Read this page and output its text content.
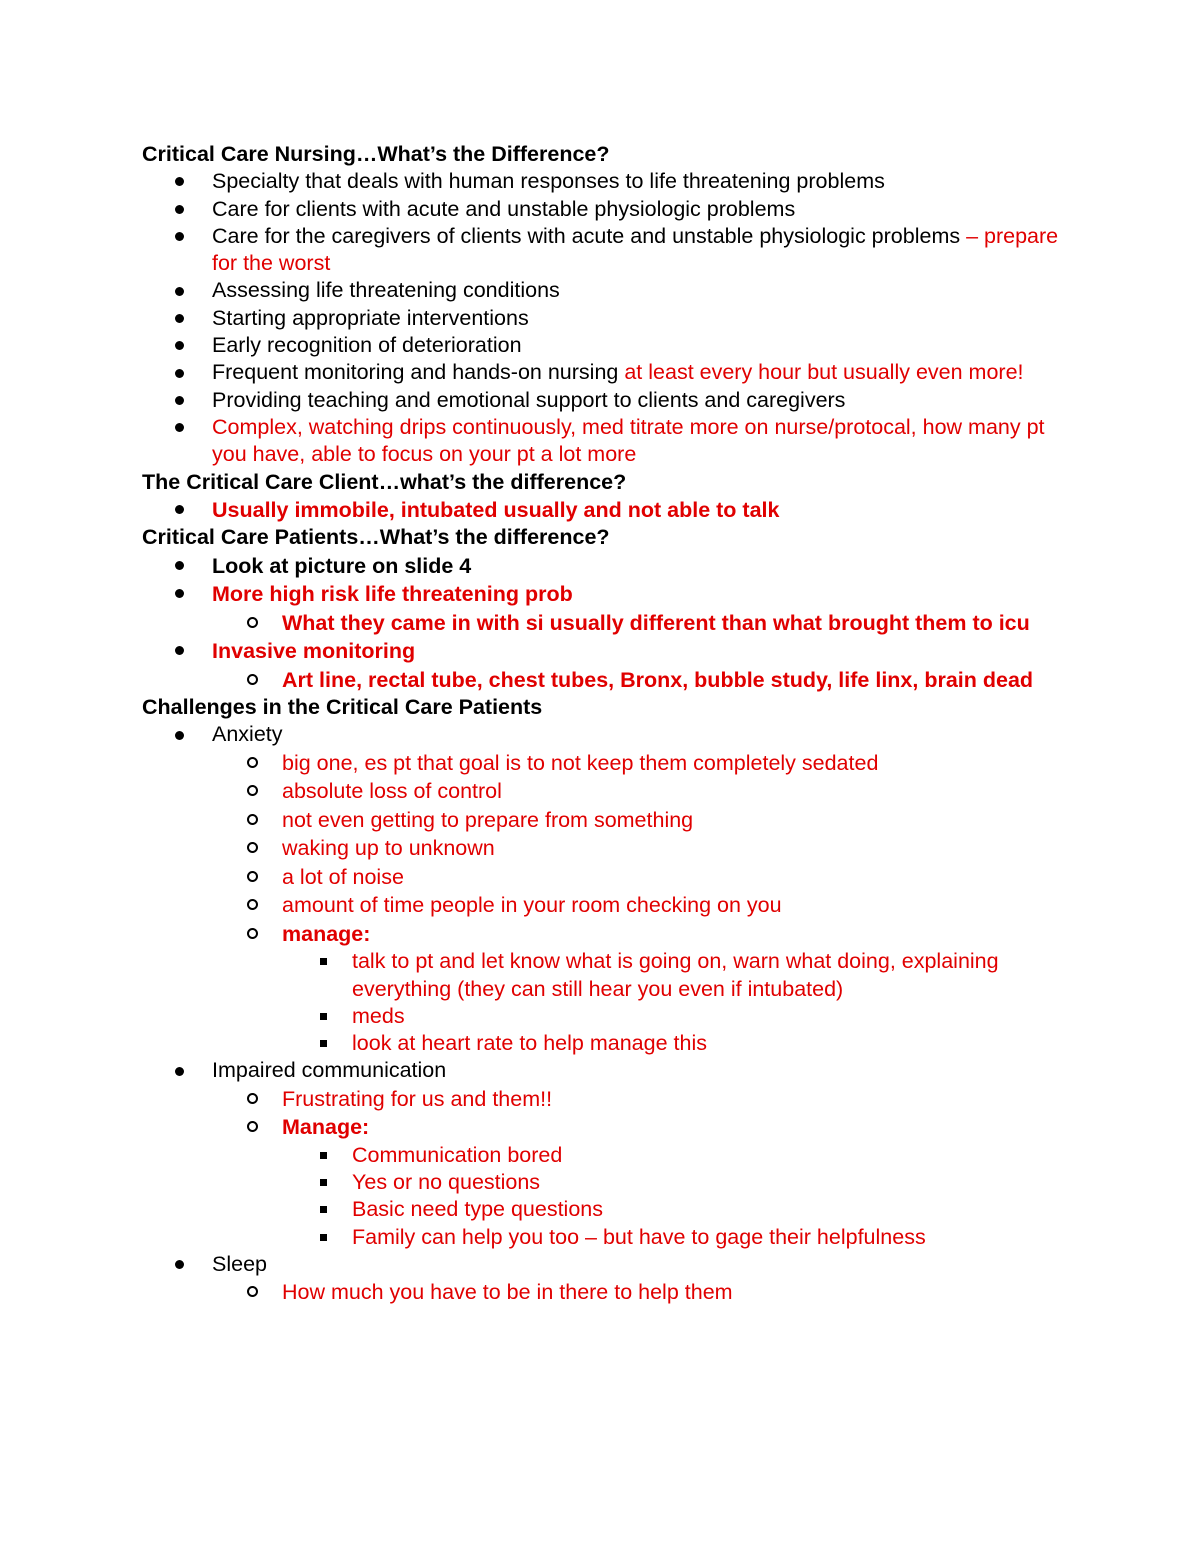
Critical Care Nursing…What’s the Difference?
Specialty that deals with human responses to life threatening problems
Care for clients with acute and unstable physiologic problems
Care for the caregivers of clients with acute and unstable physiologic problems – prepare for the worst
Assessing life threatening conditions
Starting appropriate interventions
Early recognition of deterioration
Frequent monitoring and hands-on nursing at least every hour but usually even more!
Providing teaching and emotional support to clients and caregivers
Complex, watching drips continuously, med titrate more on nurse/protocal, how many pt you have, able to focus on your pt a lot more
The Critical Care Client…what’s the difference?
Usually immobile, intubated usually and not able to talk
Critical Care Patients…What’s the difference?
Look at picture on slide 4
More high risk life threatening prob
What they came in with si usually different than what brought them to icu
Invasive monitoring
Art line, rectal tube, chest tubes, Bronx, bubble study, life linx, brain dead
Challenges in the Critical Care Patients
Anxiety
big one, es pt that goal is to not keep them completely sedated
absolute loss of control
not even getting to prepare from something
waking up to unknown
a lot of noise
amount of time people in your room checking on you
manage:
talk to pt and let know what is going on, warn what doing, explaining everything (they can still hear you even if intubated)
meds
look at heart rate to help manage this
Impaired communication
Frustrating for us and them!!
Manage:
Communication bored
Yes or no questions
Basic need type questions
Family can help you too – but have to gage their helpfulness
Sleep
How much you have to be in there to help them
